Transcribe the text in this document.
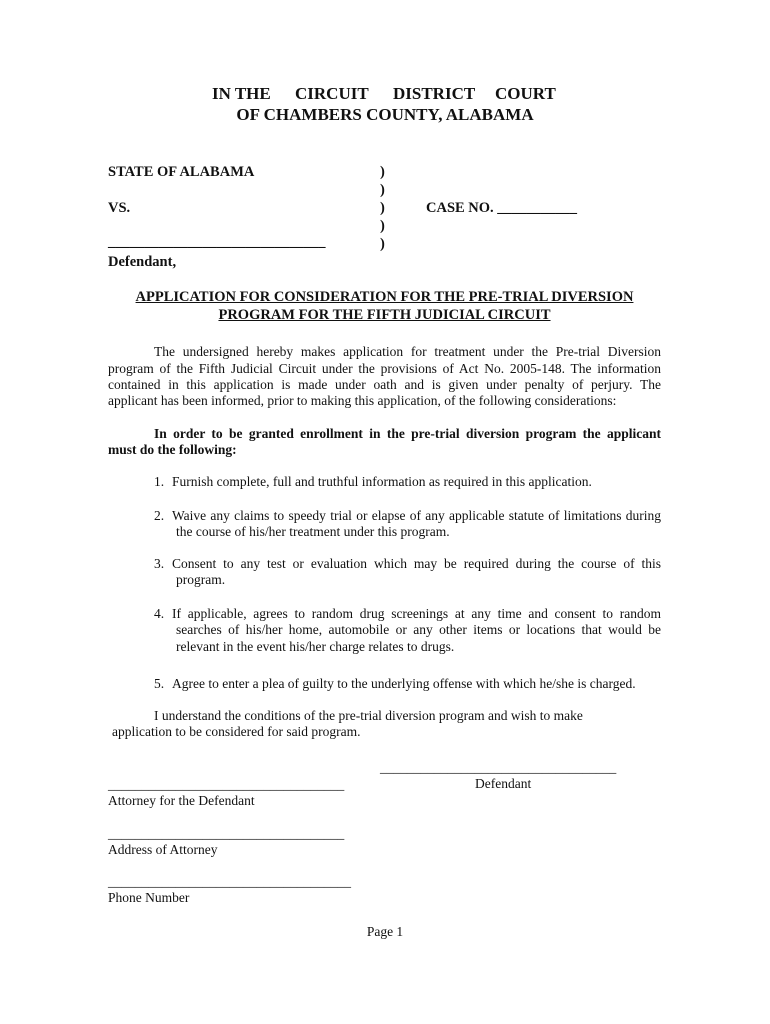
IN THE CIRCUIT DISTRICT COURT
OF CHAMBERS COUNTY, ALABAMA
STATE OF ALABAMA
VS.
______________________________
Defendant,
)
)
)
)
)
CASE NO. ___________
APPLICATION FOR CONSIDERATION FOR THE PRE-TRIAL DIVERSION
PROGRAM FOR THE FIFTH JUDICIAL CIRCUIT
The undersigned hereby makes application for treatment under the Pre-trial Diversion
program of the Fifth Judicial Circuit under the provisions of Act No. 2005-148. The information
contained in this application is made under oath and is given under penalty of perjury. The
applicant has been informed, prior to making this application, of the following considerations:
In order to be granted enrollment in the pre-trial diversion program the applicant
must do the following:
1. Furnish complete, full and truthful information as required in this application.
2. Waive any claims to speedy trial or elapse of any applicable statute of limitations during
the course of his/her treatment under this program.
3. Consent to any test or evaluation which may be required during the course of this
program.
4. If applicable, agrees to random drug screenings at any time and consent to random
searches of his/her home, automobile or any other items or locations that would be
relevant in the event his/her charge relates to drugs.
5. Agree to enter a plea of guilty to the underlying offense with which he/she is charged.
I understand the conditions of the pre-trial diversion program and wish to make
application to be considered for said program.
___________________________________
Defendant
___________________________________
Attorney for the Defendant
___________________________________
Address of Attorney
____________________________________
Phone Number
Page 1
